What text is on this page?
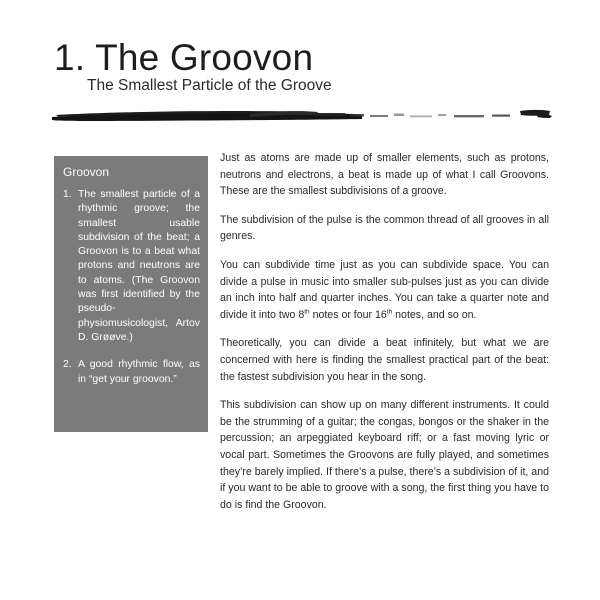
1. The Groovon
The Smallest Particle of the Groove
Groovon
1. The smallest particle of a rhythmic groove; the smallest usable subdivision of the beat; a Groovon is to a beat what protons and neutrons are to atoms. (The Groovon was first identified by the pseudo-physiomusicologist, Artov D. Grøøve.)
2. A good rhythmic flow, as in “get your groovon.”

Just as atoms are made up of smaller elements, such as protons, neutrons and electrons, a beat is made up of what I call Groovons. These are the smallest subdivisions of a groove.

The subdivision of the pulse is the common thread of all grooves in all genres.

You can subdivide time just as you can subdivide space. You can divide a pulse in music into smaller sub-pulses just as you can divide an inch into half and quarter inches. You can take a quarter note and divide it into two 8th notes or four 16th notes, and so on.

Theoretically, you can divide a beat infinitely, but what we are concerned with here is finding the smallest practical part of the beat: the fastest subdivision you hear in the song.

This subdivision can show up on many different instruments. It could be the strumming of a guitar; the congas, bongos or the shaker in the percussion; an arpeggiated keyboard riff; or a fast moving lyric or vocal part. Sometimes the Groovons are fully played, and sometimes they’re barely implied. If there’s a pulse, there’s a subdivision of it, and if you want to be able to groove with a song, the first thing you have to do is find the Groovon.
